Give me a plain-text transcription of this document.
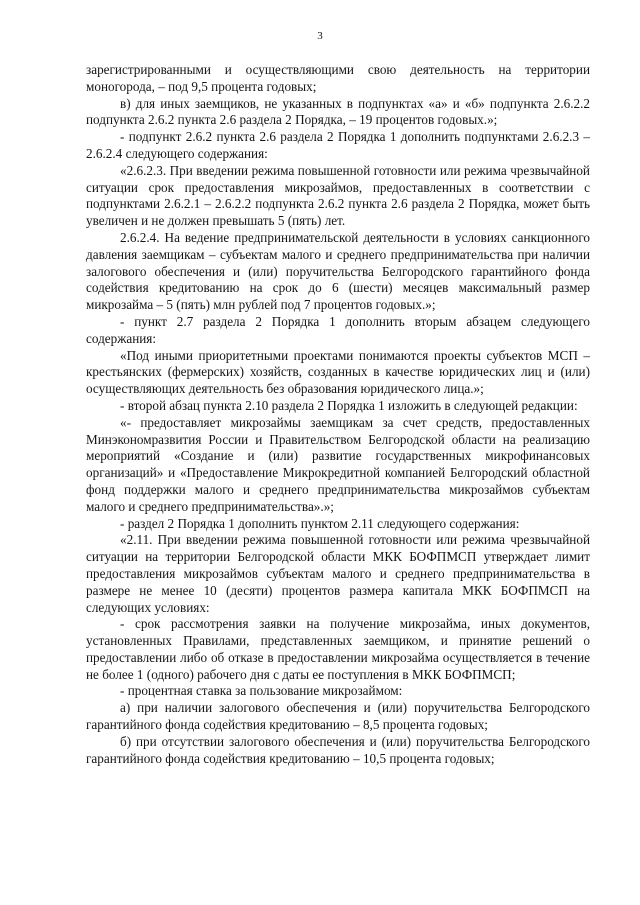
3

зарегистрированными и осуществляющими свою деятельность на территории моногорода, – под 9,5 процента годовых;

в) для иных заемщиков, не указанных в подпунктах «а» и «б» подпункта 2.6.2.2 подпункта 2.6.2 пункта 2.6 раздела 2 Порядка, – 19 процентов годовых.»;

- подпункт 2.6.2 пункта 2.6 раздела 2 Порядка 1 дополнить подпунктами 2.6.2.3 – 2.6.2.4 следующего содержания:

«2.6.2.3. При введении режима повышенной готовности или режима чрезвычайной ситуации срок предоставления микрозаймов, предоставленных в соответствии с подпунктами 2.6.2.1 – 2.6.2.2 подпункта 2.6.2 пункта 2.6 раздела 2 Порядка, может быть увеличен и не должен превышать 5 (пять) лет.

2.6.2.4. На ведение предпринимательской деятельности в условиях санкционного давления заемщикам – субъектам малого и среднего предпринимательства при наличии залогового обеспечения и (или) поручительства Белгородского гарантийного фонда содействия кредитованию на срок до 6 (шести) месяцев максимальный размер микрозайма – 5 (пять) млн рублей под 7 процентов годовых.»;

- пункт 2.7 раздела 2 Порядка 1 дополнить вторым абзацем следующего содержания:

«Под иными приоритетными проектами понимаются проекты субъектов МСП – крестьянских (фермерских) хозяйств, созданных в качестве юридических лиц и (или) осуществляющих деятельность без образования юридического лица.»;

- второй абзац пункта 2.10 раздела 2 Порядка 1 изложить в следующей редакции:

«- предоставляет микрозаймы заемщикам за счет средств, предоставленных Минэкономразвития России и Правительством Белгородской области на реализацию мероприятий «Создание и (или) развитие государственных микрофинансовых организаций» и «Предоставление Микрокредитной компанией Белгородский областной фонд поддержки малого и среднего предпринимательства микрозаймов субъектам малого и среднего предпринимательства».»;

- раздел 2 Порядка 1 дополнить пунктом 2.11 следующего содержания:

«2.11. При введении режима повышенной готовности или режима чрезвычайной ситуации на территории Белгородской области МКК БОФПМСП утверждает лимит предоставления микрозаймов субъектам малого и среднего предпринимательства в размере не менее 10 (десяти) процентов размера капитала МКК БОФПМСП на следующих условиях:

- срок рассмотрения заявки на получение микрозайма, иных документов, установленных Правилами, представленных заемщиком, и принятие решений о предоставлении либо об отказе в предоставлении микрозайма осуществляется в течение не более 1 (одного) рабочего дня с даты ее поступления в МКК БОФПМСП;

- процентная ставка за пользование микрозаймом:

а) при наличии залогового обеспечения и (или) поручительства Белгородского гарантийного фонда содействия кредитованию – 8,5 процента годовых;

б) при отсутствии залогового обеспечения и (или) поручительства Белгородского гарантийного фонда содействия кредитованию – 10,5 процента годовых;
